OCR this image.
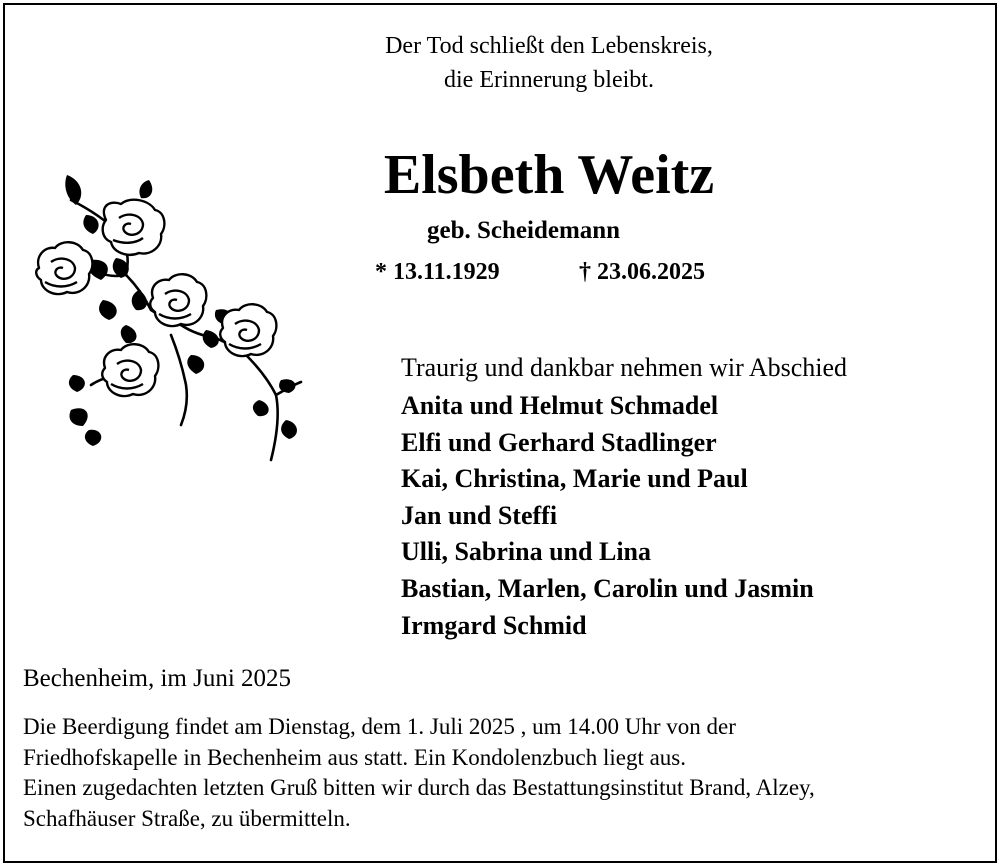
Der Tod schließt den Lebenskreis,
die Erinnerung bleibt.
Elsbeth Weitz
geb. Scheidemann
* 13.11.1929	† 23.06.2025
Traurig und dankbar nehmen wir Abschied
Anita und Helmut Schmadel
Elfi und Gerhard Stadlinger
Kai, Christina, Marie und Paul
Jan und Steffi
Ulli, Sabrina und Lina
Bastian, Marlen, Carolin und Jasmin
Irmgard Schmid
Bechenheim, im Juni 2025
Die Beerdigung findet am Dienstag, dem 1. Juli 2025 , um 14.00 Uhr von der
Friedhofskapelle in Bechenheim aus statt. Ein Kondolenzbuch liegt aus.
Einen zugedachten letzten Gruß bitten wir durch das Bestattungsinstitut Brand, Alzey,
Schafhäuser Straße, zu übermitteln.
